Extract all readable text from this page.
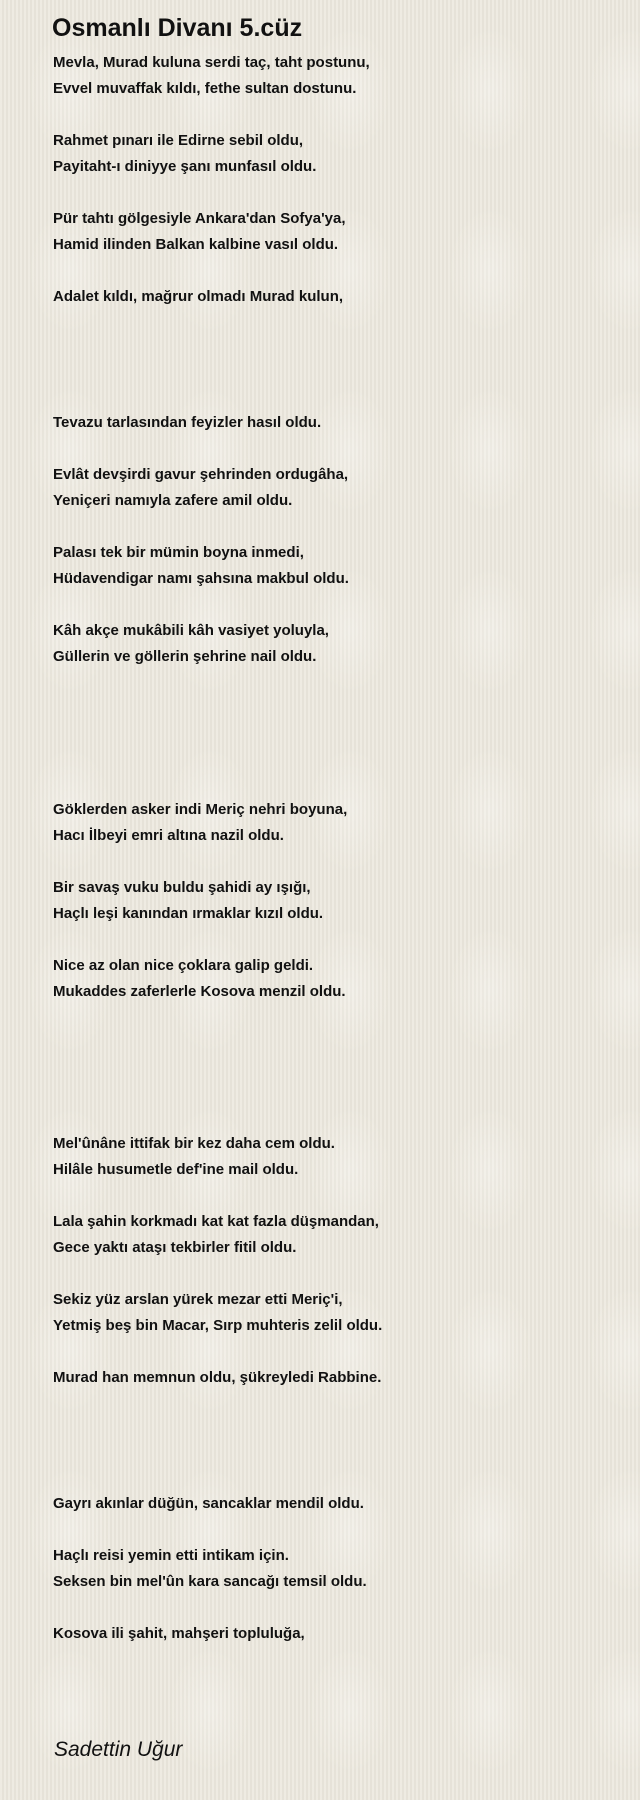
Osmanlı Divanı 5.cüz

Mevla, Murad kuluna serdi taç, taht postunu,
Evvel muvaffak kıldı, fethe sultan dostunu.

Rahmet pınarı ile Edirne sebil oldu,
Payitaht-ı diniyye şanı munfasıl oldu.

Pür tahtı gölgesiyle Ankara'dan Sofya'ya,
Hamid ilinden Balkan kalbine vasıl oldu.

Adalet kıldı, mağrur olmadı Murad kulun,

Tevazu tarlasından feyizler hasıl oldu.

Evlât devşirdi gavur şehrinden ordugâha,
Yeniçeri namıyla zafere amil oldu.

Palası tek bir mümin boyna inmedi,
Hüdavendigar namı şahsına makbul oldu.

Kâh akçe mukâbili kâh vasiyet yoluyla,
Güllerin ve göllerin şehrine nail oldu.

Göklerden asker indi Meriç nehri boyuna,
Hacı İlbeyi emri altına nazil oldu.

Bir savaş vuku buldu şahidi ay ışığı,
Haçlı leşi kanından ırmaklar kızıl oldu.

Nice az olan nice çoklara galip geldi.
Mukaddes zaferlerle Kosova menzil oldu.

Mel'ûnâne ittifak bir kez daha cem oldu.
Hilâle husumetle def'ine mail oldu.

Lala şahin korkmadı kat kat fazla düşmandan,
Gece yaktı ataşı tekbirler fitil oldu.

Sekiz yüz arslan yürek mezar etti Meriç'i,
Yetmiş beş bin Macar, Sırp muhteris zelil oldu.

Murad han memnun oldu, şükreyledi Rabbine.

Gayrı akınlar düğün, sancaklar mendil oldu.

Haçlı reisi yemin etti intikam için.
Seksen bin mel'ûn kara sancağı temsil oldu.

Kosova ili şahit, mahşeri topluluğa,

Sadettin Uğur
